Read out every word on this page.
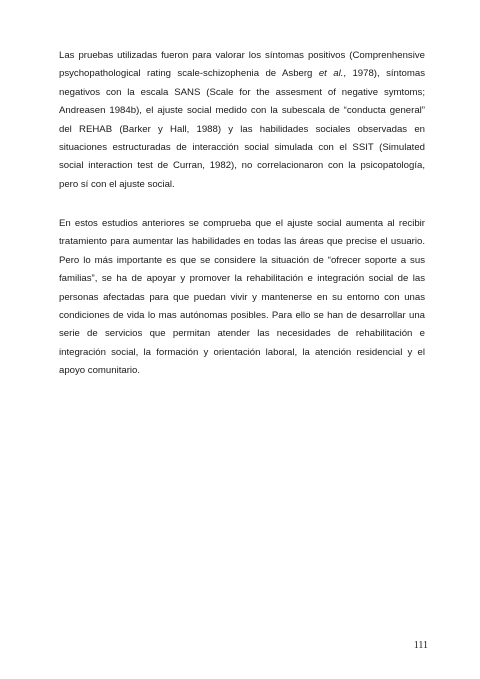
Las pruebas utilizadas fueron para valorar los síntomas positivos (Comprenhensive psychopathological rating scale-schizophenia de Asberg et al., 1978), síntomas negativos con la escala SANS (Scale for the assesment of negative symtoms; Andreasen 1984b), el ajuste social medido con la subescala de “conducta general” del REHAB (Barker y Hall, 1988) y las habilidades sociales observadas en situaciones estructuradas de interacción social simulada con el SSIT (Simulated social interaction test de Curran, 1982), no correlacionaron con la psicopatología, pero sí con el ajuste social.

En estos estudios anteriores se comprueba que el ajuste social aumenta al recibir tratamiento para aumentar las habilidades en todas las áreas que precise el usuario. Pero lo más importante es que se considere la situación de “ofrecer soporte a sus familias”, se ha de apoyar y promover la rehabilitación e integración social de las personas afectadas para que puedan vivir y mantenerse en su entorno con unas condiciones de vida lo mas autónomas posibles. Para ello se han de desarrollar una serie de servicios que permitan atender las necesidades de rehabilitación e integración social, la formación y orientación laboral, la atención residencial y el apoyo comunitario.

111
